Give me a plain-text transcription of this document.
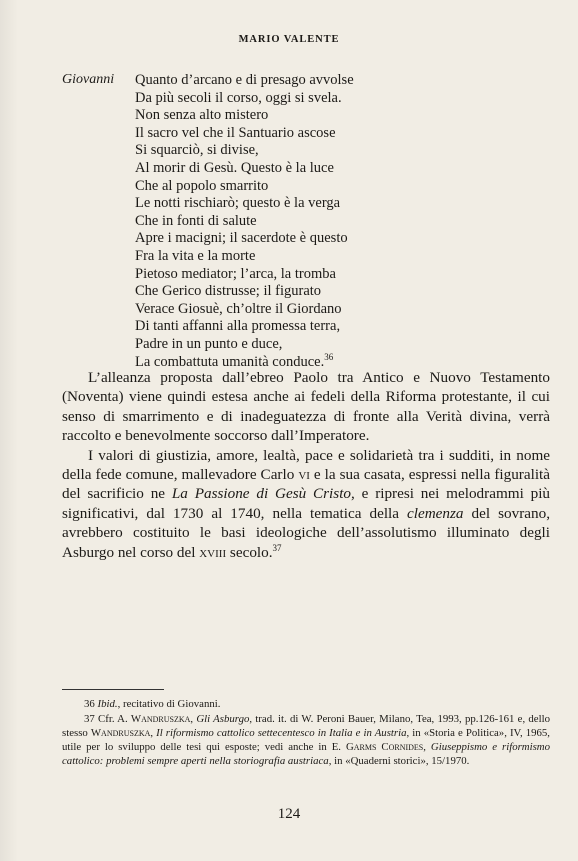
MARIO VALENTE
Giovanni Quanto d’arcano e di presago avvolse
Da più secoli il corso, oggi si svela.
Non senza alto mistero
Il sacro vel che il Santuario ascose
Si squarciò, si divise,
Al morir di Gesù. Questo è la luce
Che al popolo smarrito
Le notti rischiarò; questo è la verga
Che in fonti di salute
Apre i macigni; il sacerdote è questo
Fra la vita e la morte
Pietoso mediator; l’arca, la tromba
Che Gerico distrusse; il figurato
Verace Giosuè, ch’oltre il Giordano
Di tanti affanni alla promessa terra,
Padre in un punto e duce,
La combattuta umanità conduce.$^{36}$

L’alleanza proposta dall’ebreo Paolo tra Antico e Nuovo Testamento (Noventa) viene quindi estesa anche ai fedeli della Riforma protestante, il cui senso di smarrimento e di inadeguatezza di fronte alla Verità divina, verrà raccolto e benevolmente soccorso dall’Imperatore.

I valori di giustizia, amore, lealtà, pace e solidarietà tra i sudditi, in nome della fede comune, mallevadore Carlo vi e la sua casata, espressi nella figuralità del sacrificio ne La Passione di Gesù Cristo, e ripresi nei melodrammi più significativi, dal 1730 al 1740, nella tematica della clemenza del sovrano, avrebbero costituito le basi ideologiche dell’assolutismo illuminato degli Asburgo nel corso del xviii secolo.$^{37}$

36 Ibid., recitativo di Giovanni.

37 Cfr. A. Wandruszka, Gli Asburgo, trad. it. di W. Peroni Bauer, Milano, Tea, 1993, pp.126-161 e, dello stesso Wandruszka, Il riformismo cattolico settecentesco in Italia e in Austria, in «Storia e Politica», IV, 1965, utile per lo sviluppo delle tesi qui esposte; vedi anche in E. Garms Cornides, Giuseppismo e riformismo cattolico: problemi sempre aperti nella storiografia austriaca, in «Quaderni storici», 15/1970.

124
